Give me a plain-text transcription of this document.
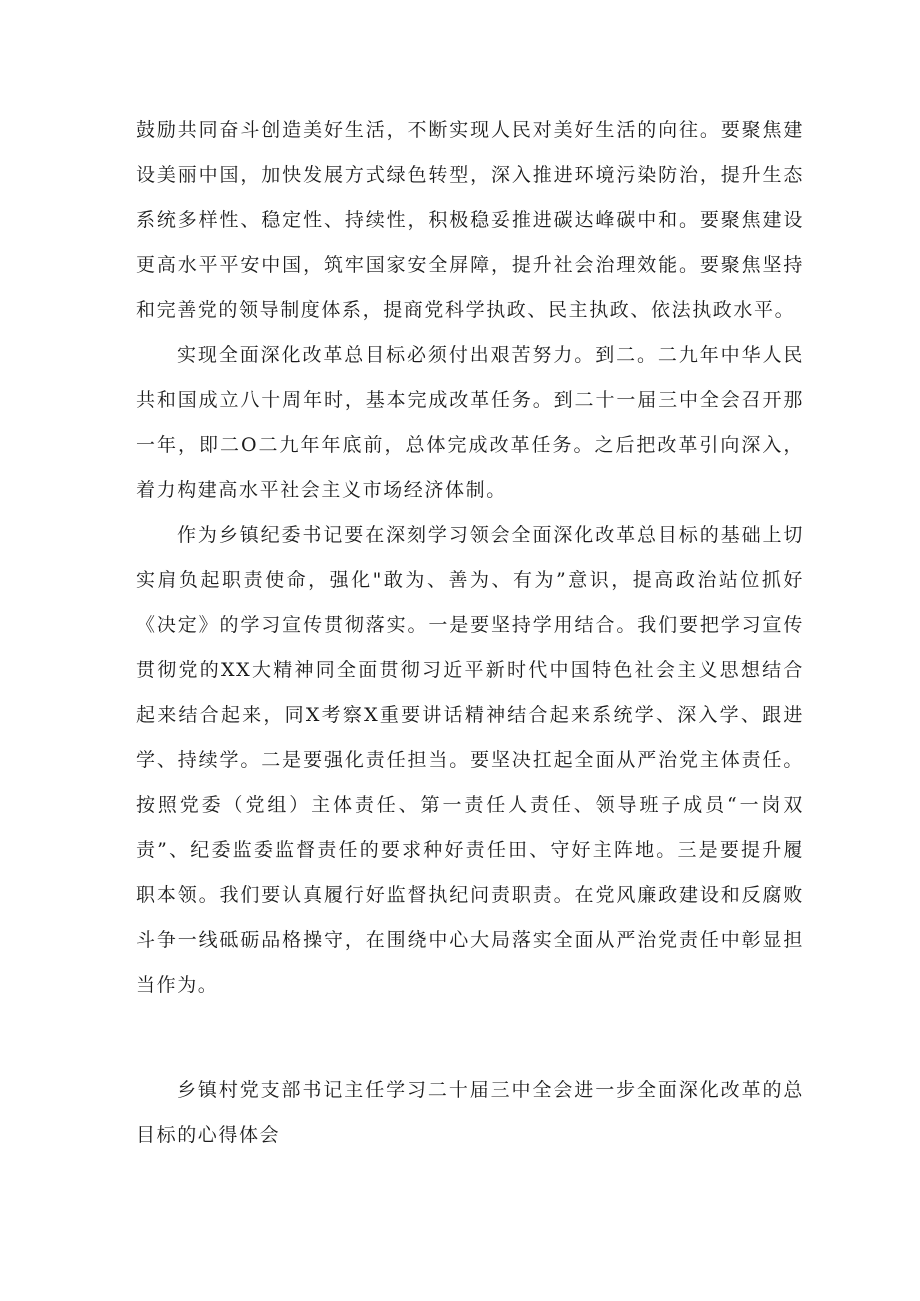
鼓励共同奋斗创造美好生活，不断实现人民对美好生活的向往。要聚焦建设美丽中国，加快发展方式绿色转型，深入推进环境污染防治，提升生态系统多样性、稳定性、持续性，积极稳妥推进碳达峰碳中和。要聚焦建设更高水平平安中国，筑牢国家安全屏障，提升社会治理效能。要聚焦坚持和完善党的领导制度体系，提商党科学执政、民主执政、依法执政水平。

实现全面深化改革总目标必须付出艰苦努力。到二。二九年中华人民共和国成立八十周年时，基本完成改革任务。到二十一届三中全会召开那一年，即二O二九年年底前，总体完成改革任务。之后把改革引向深入，着力构建高水平社会主义市场经济体制。

作为乡镇纪委书记要在深刻学习领会全面深化改革总目标的基础上切实肩负起职责使命，强化"敢为、善为、有为”意识，提高政治站位抓好《决定》的学习宣传贯彻落实。一是要坚持学用结合。我们要把学习宣传贯彻党的XX大精神同全面贯彻习近平新时代中国特色社会主义思想结合起来结合起来，同X考察X重要讲话精神结合起来系统学、深入学、跟进学、持续学。二是要强化责任担当。要坚决扛起全面从严治党主体责任。按照党委（党组）主体责任、第一责任人责任、领导班子成员“一岗双责”、纪委监委监督责任的要求种好责任田、守好主阵地。三是要提升履职本领。我们要认真履行好监督执纪问责职责。在党风廉政建设和反腐败斗争一线砥砺品格操守，在围绕中心大局落实全面从严治党责任中彰显担当作为。

乡镇村党支部书记主任学习二十届三中全会进一步全面深化改革的总目标的心得体会
